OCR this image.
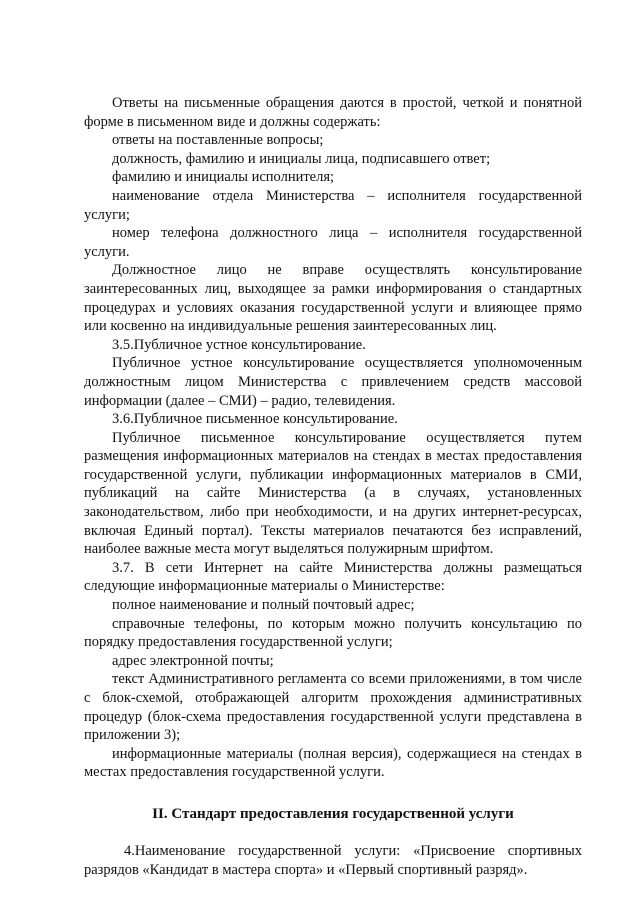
Ответы на письменные обращения даются в простой, четкой и понятной форме в письменном виде и должны содержать:

ответы на поставленные вопросы;

должность, фамилию и инициалы лица, подписавшего ответ;

фамилию и инициалы исполнителя;

наименование отдела Министерства – исполнителя государственной услуги;

номер телефона должностного лица – исполнителя государственной услуги.

Должностное лицо не вправе осуществлять консультирование заинтересованных лиц, выходящее за рамки информирования о стандартных процедурах и условиях оказания государственной услуги и влияющее прямо или косвенно на индивидуальные решения заинтересованных лиц.

3.5.Публичное устное консультирование.

Публичное устное консультирование осуществляется уполномоченным должностным лицом Министерства с привлечением средств массовой информации (далее – СМИ) – радио, телевидения.

3.6.Публичное письменное консультирование.

Публичное письменное консультирование осуществляется путем размещения информационных материалов на стендах в местах предоставления государственной услуги, публикации информационных материалов в СМИ, публикаций на сайте Министерства (а в случаях, установленных законодательством, либо при необходимости, и на других интернет-ресурсах, включая Единый портал). Тексты материалов печатаются без исправлений, наиболее важные места могут выделяться полужирным шрифтом.

3.7. В сети Интернет на сайте Министерства должны размещаться следующие информационные материалы о Министерстве:

полное наименование и полный почтовый адрес;

справочные телефоны, по которым можно получить консультацию по порядку предоставления государственной услуги;

адрес электронной почты;

текст Административного регламента со всеми приложениями, в том числе с блок-схемой, отображающей алгоритм прохождения административных процедур (блок-схема предоставления государственной услуги представлена в приложении 3);

информационные материалы (полная версия), содержащиеся на стендах в местах предоставления государственной услуги.

II. Стандарт предоставления государственной услуги

4.Наименование государственной услуги: «Присвоение спортивных разрядов «Кандидат в мастера спорта» и «Первый спортивный разряд».
